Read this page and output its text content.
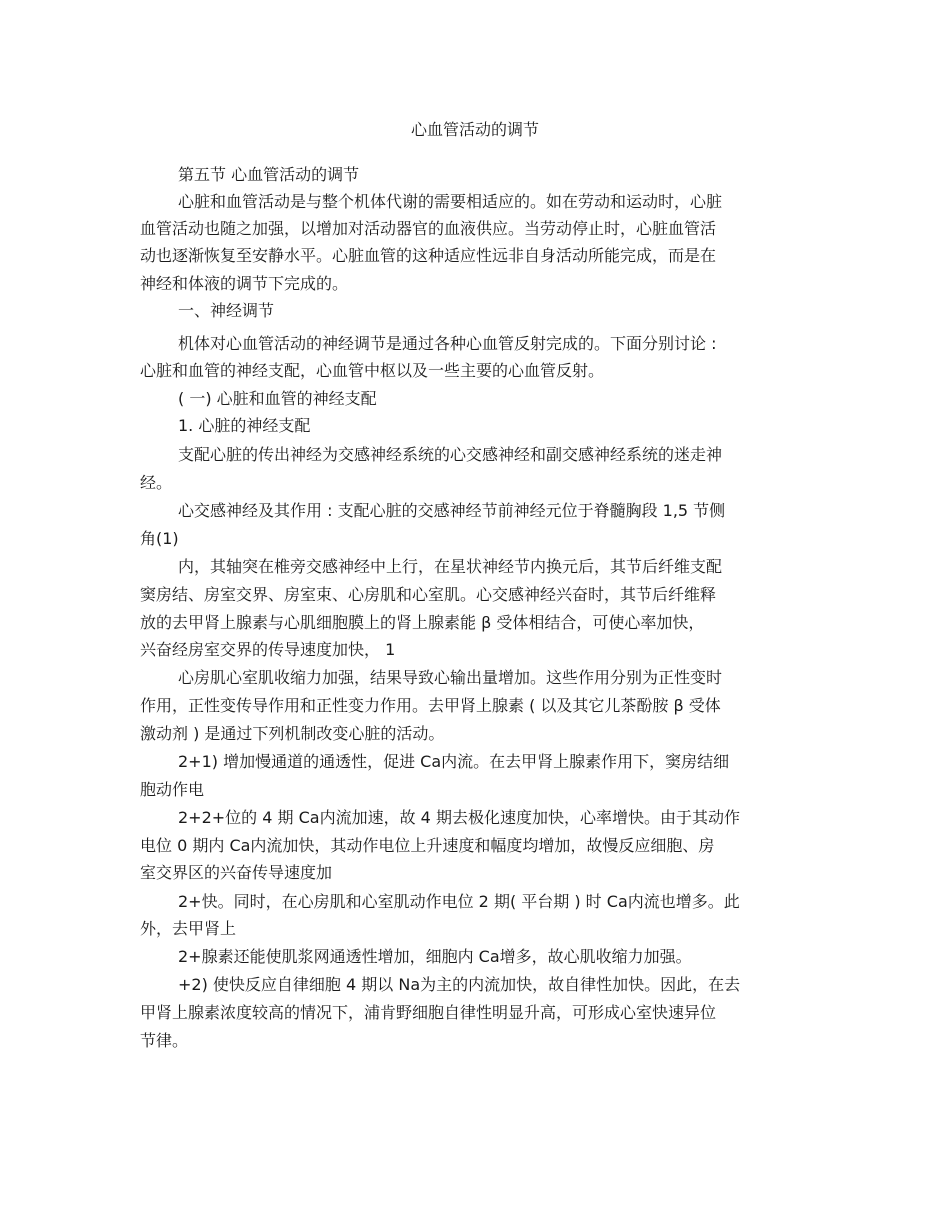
心血管活动的调节
第五节 心血管活动的调节
心脏和血管活动是与整个机体代谢的需要相适应的。如在劳动和运动时，心脏
血管活动也随之加强，以增加对活动器官的血液供应。当劳动停止时，心脏血管活
动也逐渐恢复至安静水平。心脏血管的这种适应性远非自身活动所能完成，而是在
神经和体液的调节下完成的。
一、神经调节
机体对心血管活动的神经调节是通过各种心血管反射完成的。下面分别讨论 :
心脏和血管的神经支配，心血管中枢以及一些主要的心血管反射。
( 一) 心脏和血管的神经支配
1. 心脏的神经支配
支配心脏的传出神经为交感神经系统的心交感神经和副交感神经系统的迷走神
经。
心交感神经及其作用 : 支配心脏的交感神经节前神经元位于脊髓胸段 1,5 节侧
角(1)
内，其轴突在椎旁交感神经中上行，在星状神经节内换元后，其节后纤维支配
窦房结、房室交界、房室束、心房肌和心室肌。心交感神经兴奋时，其节后纤维释
放的去甲肾上腺素与心肌细胞膜上的肾上腺素能 β 受体相结合，可使心率加快，
兴奋经房室交界的传导速度加快， 1
心房肌心室肌收缩力加强，结果导致心输出量增加。这些作用分别为正性变时
作用，正性变传导作用和正性变力作用。去甲肾上腺素 ( 以及其它儿茶酚胺 β 受体
激动剂 ) 是通过下列机制改变心脏的活动。
2+1) 增加慢通道的通透性，促进 Ca内流。在去甲肾上腺素作用下，窦房结细
胞动作电
2+2+位的 4 期 Ca内流加速，故 4 期去极化速度加快，心率增快。由于其动作
电位 0 期内 Ca内流加快，其动作电位上升速度和幅度均增加，故慢反应细胞、房
室交界区的兴奋传导速度加
2+快。同时，在心房肌和心室肌动作电位 2 期( 平台期 ) 时 Ca内流也增多。此
外，去甲肾上
2+腺素还能使肌浆网通透性增加，细胞内 Ca增多，故心肌收缩力加强。
+2) 使快反应自律细胞 4 期以 Na为主的内流加快，故自律性加快。因此，在去
甲肾上腺素浓度较高的情况下，浦肯野细胞自律性明显升高，可形成心室快速异位
节律。
